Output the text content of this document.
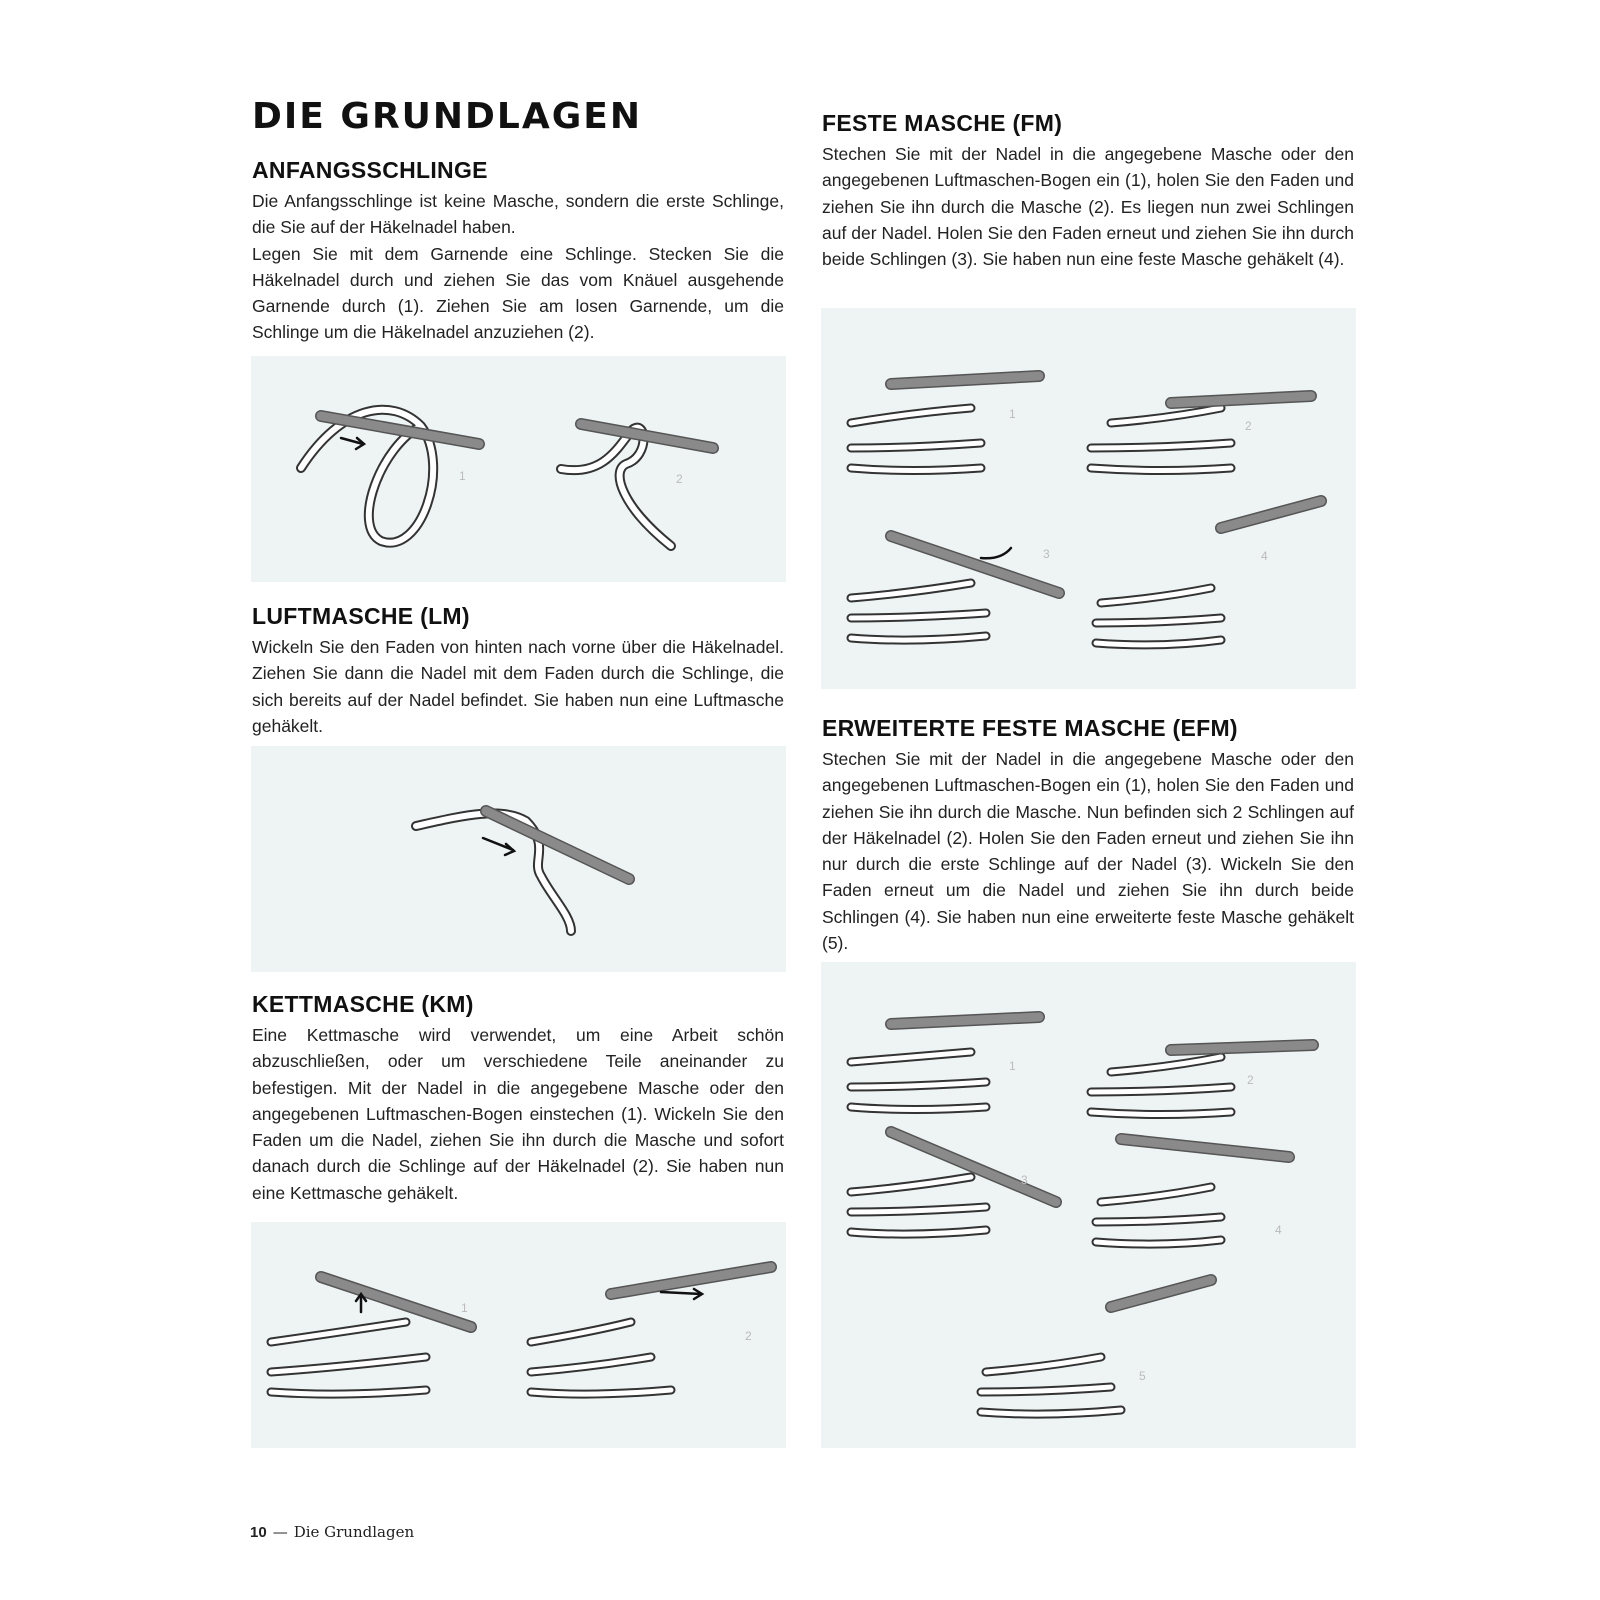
DIE GRUNDLAGEN
ANFANGSSCHLINGE

Die Anfangsschlinge ist keine Masche, sondern die erste Schlinge, die Sie auf der Häkelnadel haben.

Legen Sie mit dem Garnende eine Schlinge. Stecken Sie die Häkelnadel durch und ziehen Sie das vom Knäuel ausgehende Garnende durch (1). Ziehen Sie am losen Garnende, um die Schlinge um die Häkelnadel anzuziehen (2).

1	2
LUFTMASCHE (LM)

Wickeln Sie den Faden von hinten nach vorne über die Häkelnadel. Ziehen Sie dann die Nadel mit dem Faden durch die Schlinge, die sich bereits auf der Nadel befindet. Sie haben nun eine Luftmasche gehäkelt.

KETTMASCHE (KM)

Eine Kettmasche wird verwendet, um eine Arbeit schön abzuschließen, oder um verschiedene Teile aneinander zu befestigen. Mit der Nadel in die angegebene Masche oder den angegebenen Luftmaschen-Bogen einstechen (1). Wickeln Sie den Faden um die Nadel, ziehen Sie ihn durch die Masche und sofort danach durch die Schlinge auf der Häkelnadel (2). Sie haben nun eine Kettmasche gehäkelt.

1
2
FESTE MASCHE (FM)

Stechen Sie mit der Nadel in die angegebene Masche oder den angegebenen Luftmaschen-Bogen ein (1), holen Sie den Faden und ziehen Sie ihn durch die Masche (2). Es liegen nun zwei Schlingen auf der Nadel. Holen Sie den Faden erneut und ziehen Sie ihn durch beide Schlingen (3). Sie haben nun eine feste Masche gehäkelt (4).

1
2
3	4
ERWEITERTE FESTE MASCHE (EFM)

Stechen Sie mit der Nadel in die angegebene Masche oder den angegebenen Luftmaschen-Bogen ein (1), holen Sie den Faden und ziehen Sie ihn durch die Masche. Nun befinden sich 2 Schlingen auf der Häkelnadel (2). Holen Sie den Faden erneut und ziehen Sie ihn nur durch die erste Schlinge auf der Nadel (3). Wickeln Sie den Faden erneut um die Nadel und ziehen Sie ihn durch beide Schlingen (4). Sie haben nun eine erweiterte feste Masche gehäkelt (5).

1
2
3
4
5
10 — Die Grundlagen
